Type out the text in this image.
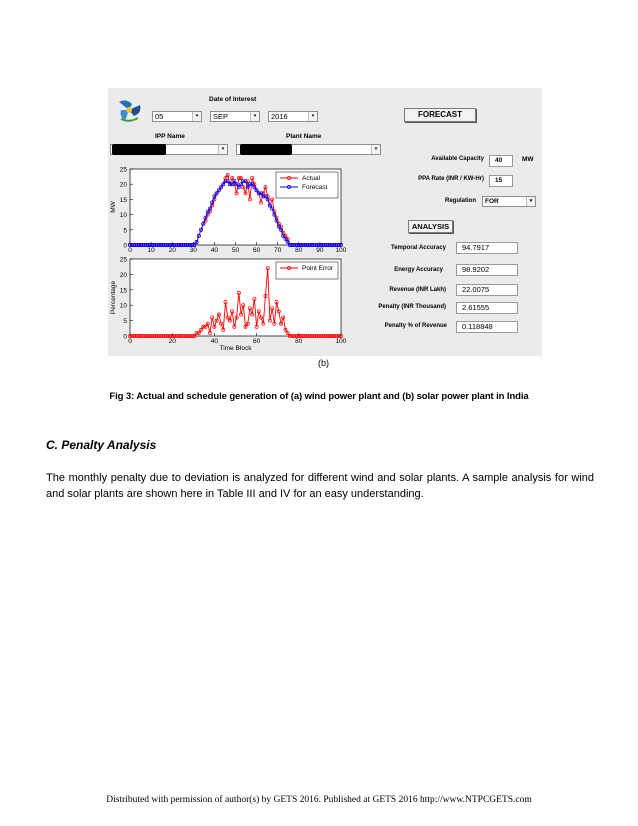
Date of Interest
05	▾	SEP	▾	2016	▾	FORECAST
IPP Name	Plant Name
▾	▾
Available Capacity	40	MW
PPA Rate (INR / KW-Hr)	15
Regulation	FOR	▾
ANALYSIS
Temporal Accuracy	94.7917
Energy Accuracy	98.9202
Revenue (INR Lakh)	22.0075
Penalty (INR Thousand)	2.61555
Penalty % of Revenue	0.118848
0
5
10
15
20
25
0 10 20 30 40 50 60 70 80 90 100
MW
Actual
Forecast
0
5
10
15
20
25
0	20	40	60	80	100
Percentage
Time Block
Point Error
(b)
Fig 3: Actual and schedule generation of (a) wind power plant and (b) solar power plant in India
C. Penalty Analysis
The monthly penalty due to deviation is analyzed for different wind and solar plants. A sample analysis for wind and solar plants are shown here in Table III and IV for an easy understanding.
Distributed with permission of author(s) by GETS 2016. Published at GETS 2016 http://www.NTPCGETS.com
